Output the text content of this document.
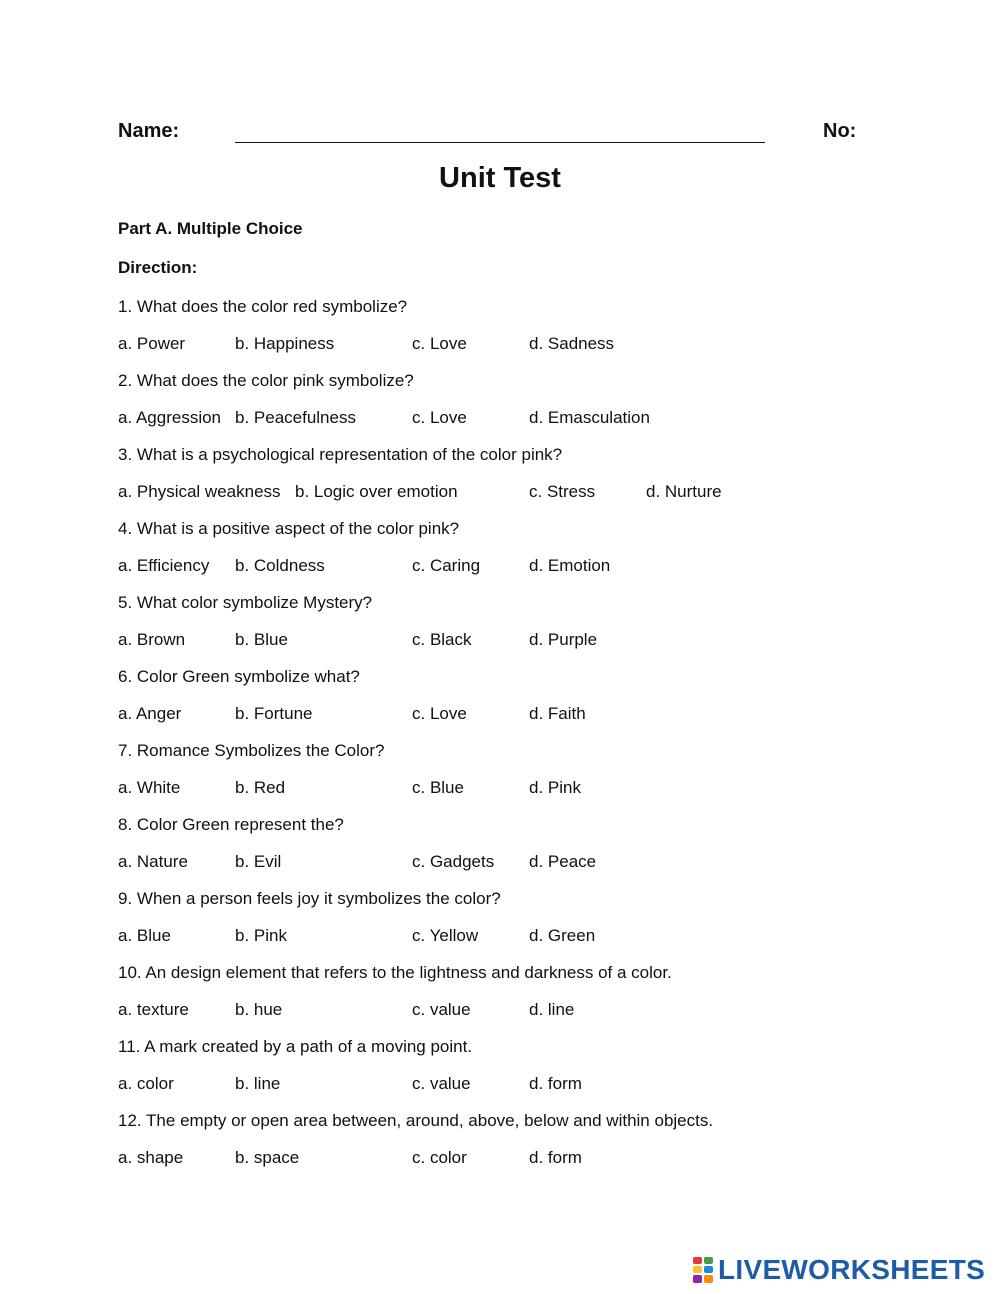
Name:	No:
Unit Test
Part A. Multiple Choice
Direction:
1. What does the color red symbolize?
a. Power	b. Happiness	c. Love	d. Sadness
2. What does the color pink symbolize?
a. Aggression b. Peacefulness	c. Love	d. Emasculation
3. What is a psychological representation of the color pink?
a. Physical weakness b. Logic over emotion	c. Stress	d. Nurture
4. What is a positive aspect of the color pink?
a. Efficiency b. Coldness	c. Caring	d. Emotion
5. What color symbolize Mystery?
a. Brown	b. Blue	c. Black	d. Purple
6. Color Green symbolize what?
a. Anger	b. Fortune	c. Love	d. Faith
7. Romance Symbolizes the Color?
a. White	b. Red	c. Blue	d. Pink
8. Color Green represent the?
a. Nature	b. Evil	c. Gadgets d. Peace
9. When a person feels joy it symbolizes the color?
a. Blue	b. Pink	c. Yellow	d. Green
10. An design element that refers to the lightness and darkness of a color.
a. texture	b. hue	c. value	d. line
11. A mark created by a path of a moving point.
a. color	b. line	c. value	d. form
12. The empty or open area between, around, above, below and within objects.
a. shape	b. space	c. color	d. form
LIVEWORKSHEETS
